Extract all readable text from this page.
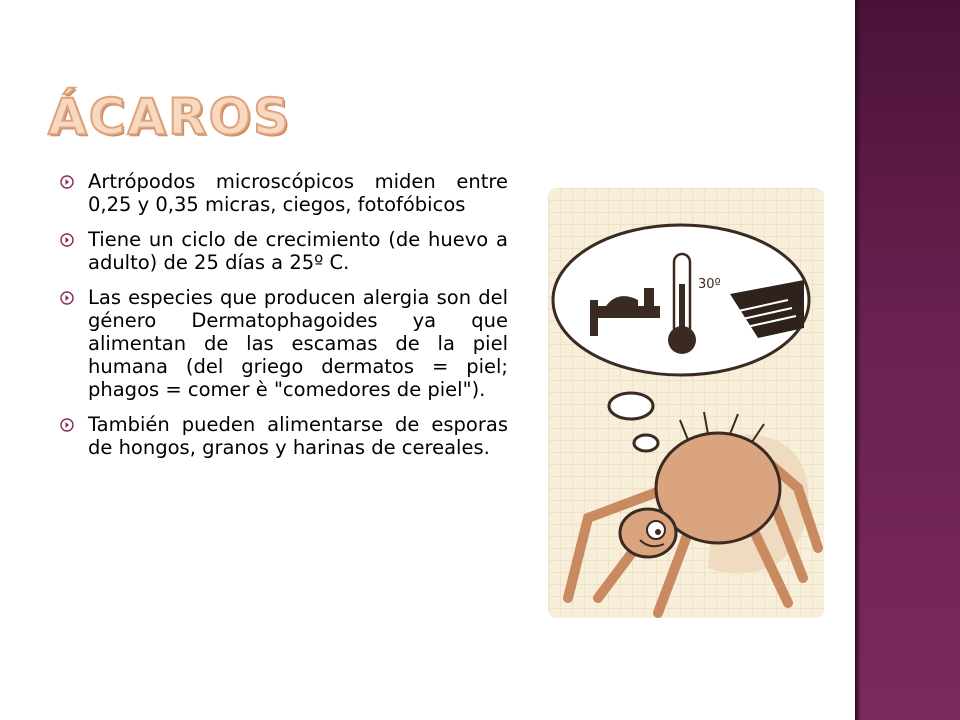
ÁCAROS
Artrópodos microscópicos miden entre 0,25 y 0,35 micras, ciegos, fotofóbicos
Tiene un ciclo de crecimiento (de huevo a adulto) de 25 días a 25º C.
Las especies que producen alergia son del género Dermatophagoides ya que alimentan de las escamas de la piel humana (del griego dermatos = piel; phagos = comer è "comedores de piel").
También pueden alimentarse de esporas de hongos, granos y harinas de cereales.
30º
